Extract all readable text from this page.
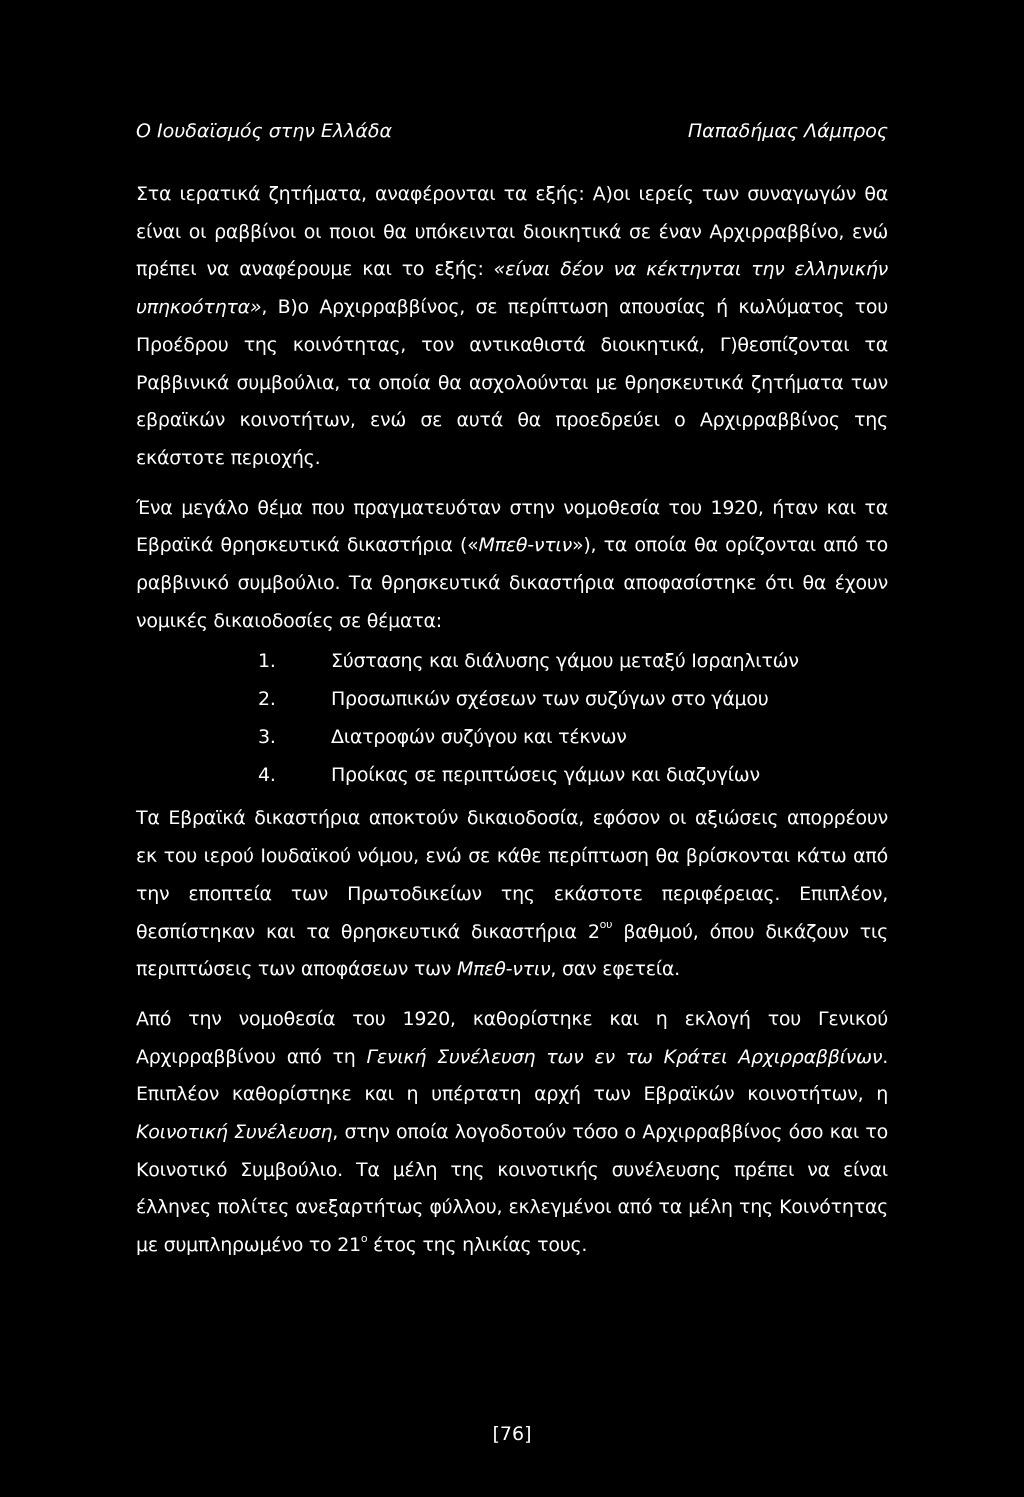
Ο Ιουδαϊσμός στην Ελλάδα	Παπαδήμας Λάμπρος

Στα ιερατικά ζητήματα, αναφέρονται τα εξής: Α)οι ιερείς των συναγωγών θα είναι οι ραββίνοι οι ποιοι θα υπόκεινται διοικητικά σε έναν Αρχιρραββίνο, ενώ πρέπει να αναφέρουμε και το εξής: «είναι δέον να κέκτηνται την ελληνικήν υπηκοότητα», Β)ο Αρχιρραββίνος, σε περίπτωση απουσίας ή κωλύματος του Προέδρου της κοινότητας, τον αντικαθιστά διοικητικά, Γ)θεσπίζονται τα Ραββινικά συμβούλια, τα οποία θα ασχολούνται με θρησκευτικά ζητήματα των εβραϊκών κοινοτήτων, ενώ σε αυτά θα προεδρεύει ο Αρχιρραββίνος της εκάστοτε περιοχής.

Ένα μεγάλο θέμα που πραγματευόταν στην νομοθεσία του 1920, ήταν και τα Εβραϊκά θρησκευτικά δικαστήρια («Μπεθ-ντιν»), τα οποία θα ορίζονται από το ραββινικό συμβούλιο. Τα θρησκευτικά δικαστήρια αποφασίστηκε ότι θα έχουν νομικές δικαιοδοσίες σε θέματα:

1.	Σύστασης και διάλυσης γάμου μεταξύ Ισραηλιτών
2.	Προσωπικών σχέσεων των συζύγων στο γάμου
3.	Διατροφών συζύγου και τέκνων
4.	Προίκας σε περιπτώσεις γάμων και διαζυγίων

Τα Εβραϊκά δικαστήρια αποκτούν δικαιοδοσία, εφόσον οι αξιώσεις απορρέουν εκ του ιερού Ιουδαϊκού νόμου, ενώ σε κάθε περίπτωση θα βρίσκονται κάτω από την εποπτεία των Πρωτοδικείων της εκάστοτε περιφέρειας. Επιπλέον, θεσπίστηκαν και τα θρησκευτικά δικαστήρια $2^{o\upsilon}$ βαθμού, όπου δικάζουν τις περιπτώσεις των αποφάσεων των Μπεθ-ντιν, σαν εφετεία.

Από την νομοθεσία του 1920, καθορίστηκε και η εκλογή του Γενικού Αρχιρραββίνου από τη Γενική Συνέλευση των εν τω Κράτει Αρχιρραββίνων. Επιπλέον καθορίστηκε και η υπέρτατη αρχή των Εβραϊκών κοινοτήτων, η Κοινοτική Συνέλευση, στην οποία λογοδοτούν τόσο ο Αρχιρραββίνος όσο και το Κοινοτικό Συμβούλιο. Τα μέλη της κοινοτικής συνέλευσης πρέπει να είναι έλληνες πολίτες ανεξαρτήτως φύλλου, εκλεγμένοι από τα μέλη της Κοινότητας με συμπληρωμένο το $21^o$ έτος της ηλικίας τους.

[76]
